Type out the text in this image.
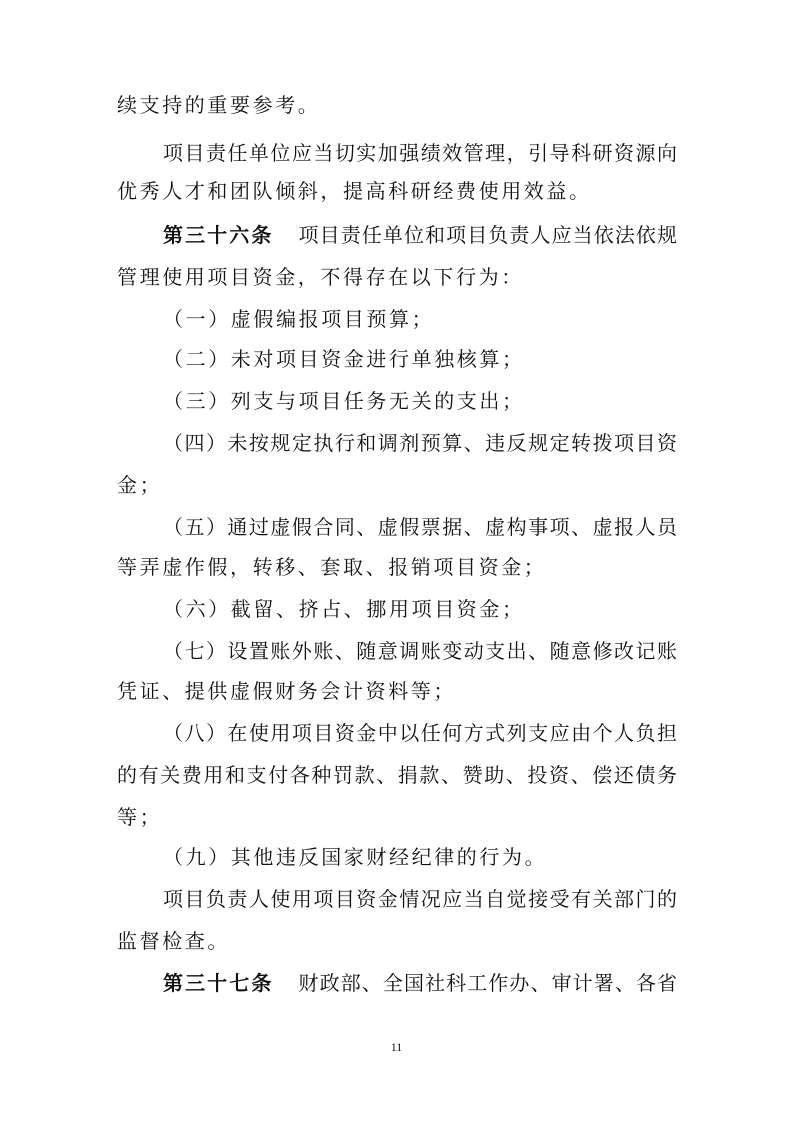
续支持的重要参考。
项目责任单位应当切实加强绩效管理，引导科研资源向
优秀人才和团队倾斜，提高科研经费使用效益。
第三十六条 项目责任单位和项目负责人应当依法依规
管理使用项目资金，不得存在以下行为：
（一）虚假编报项目预算；
（二）未对项目资金进行单独核算；
（三）列支与项目任务无关的支出；
（四）未按规定执行和调剂预算、违反规定转拨项目资
金；
（五）通过虚假合同、虚假票据、虚构事项、虚报人员
等弄虚作假，转移、套取、报销项目资金；
（六）截留、挤占、挪用项目资金；
（七）设置账外账、随意调账变动支出、随意修改记账
凭证、提供虚假财务会计资料等；
（八）在使用项目资金中以任何方式列支应由个人负担
的有关费用和支付各种罚款、捐款、赞助、投资、偿还债务
等；
（九）其他违反国家财经纪律的行为。
项目负责人使用项目资金情况应当自觉接受有关部门的
监督检查。
第三十七条 财政部、全国社科工作办、审计署、各省
11
